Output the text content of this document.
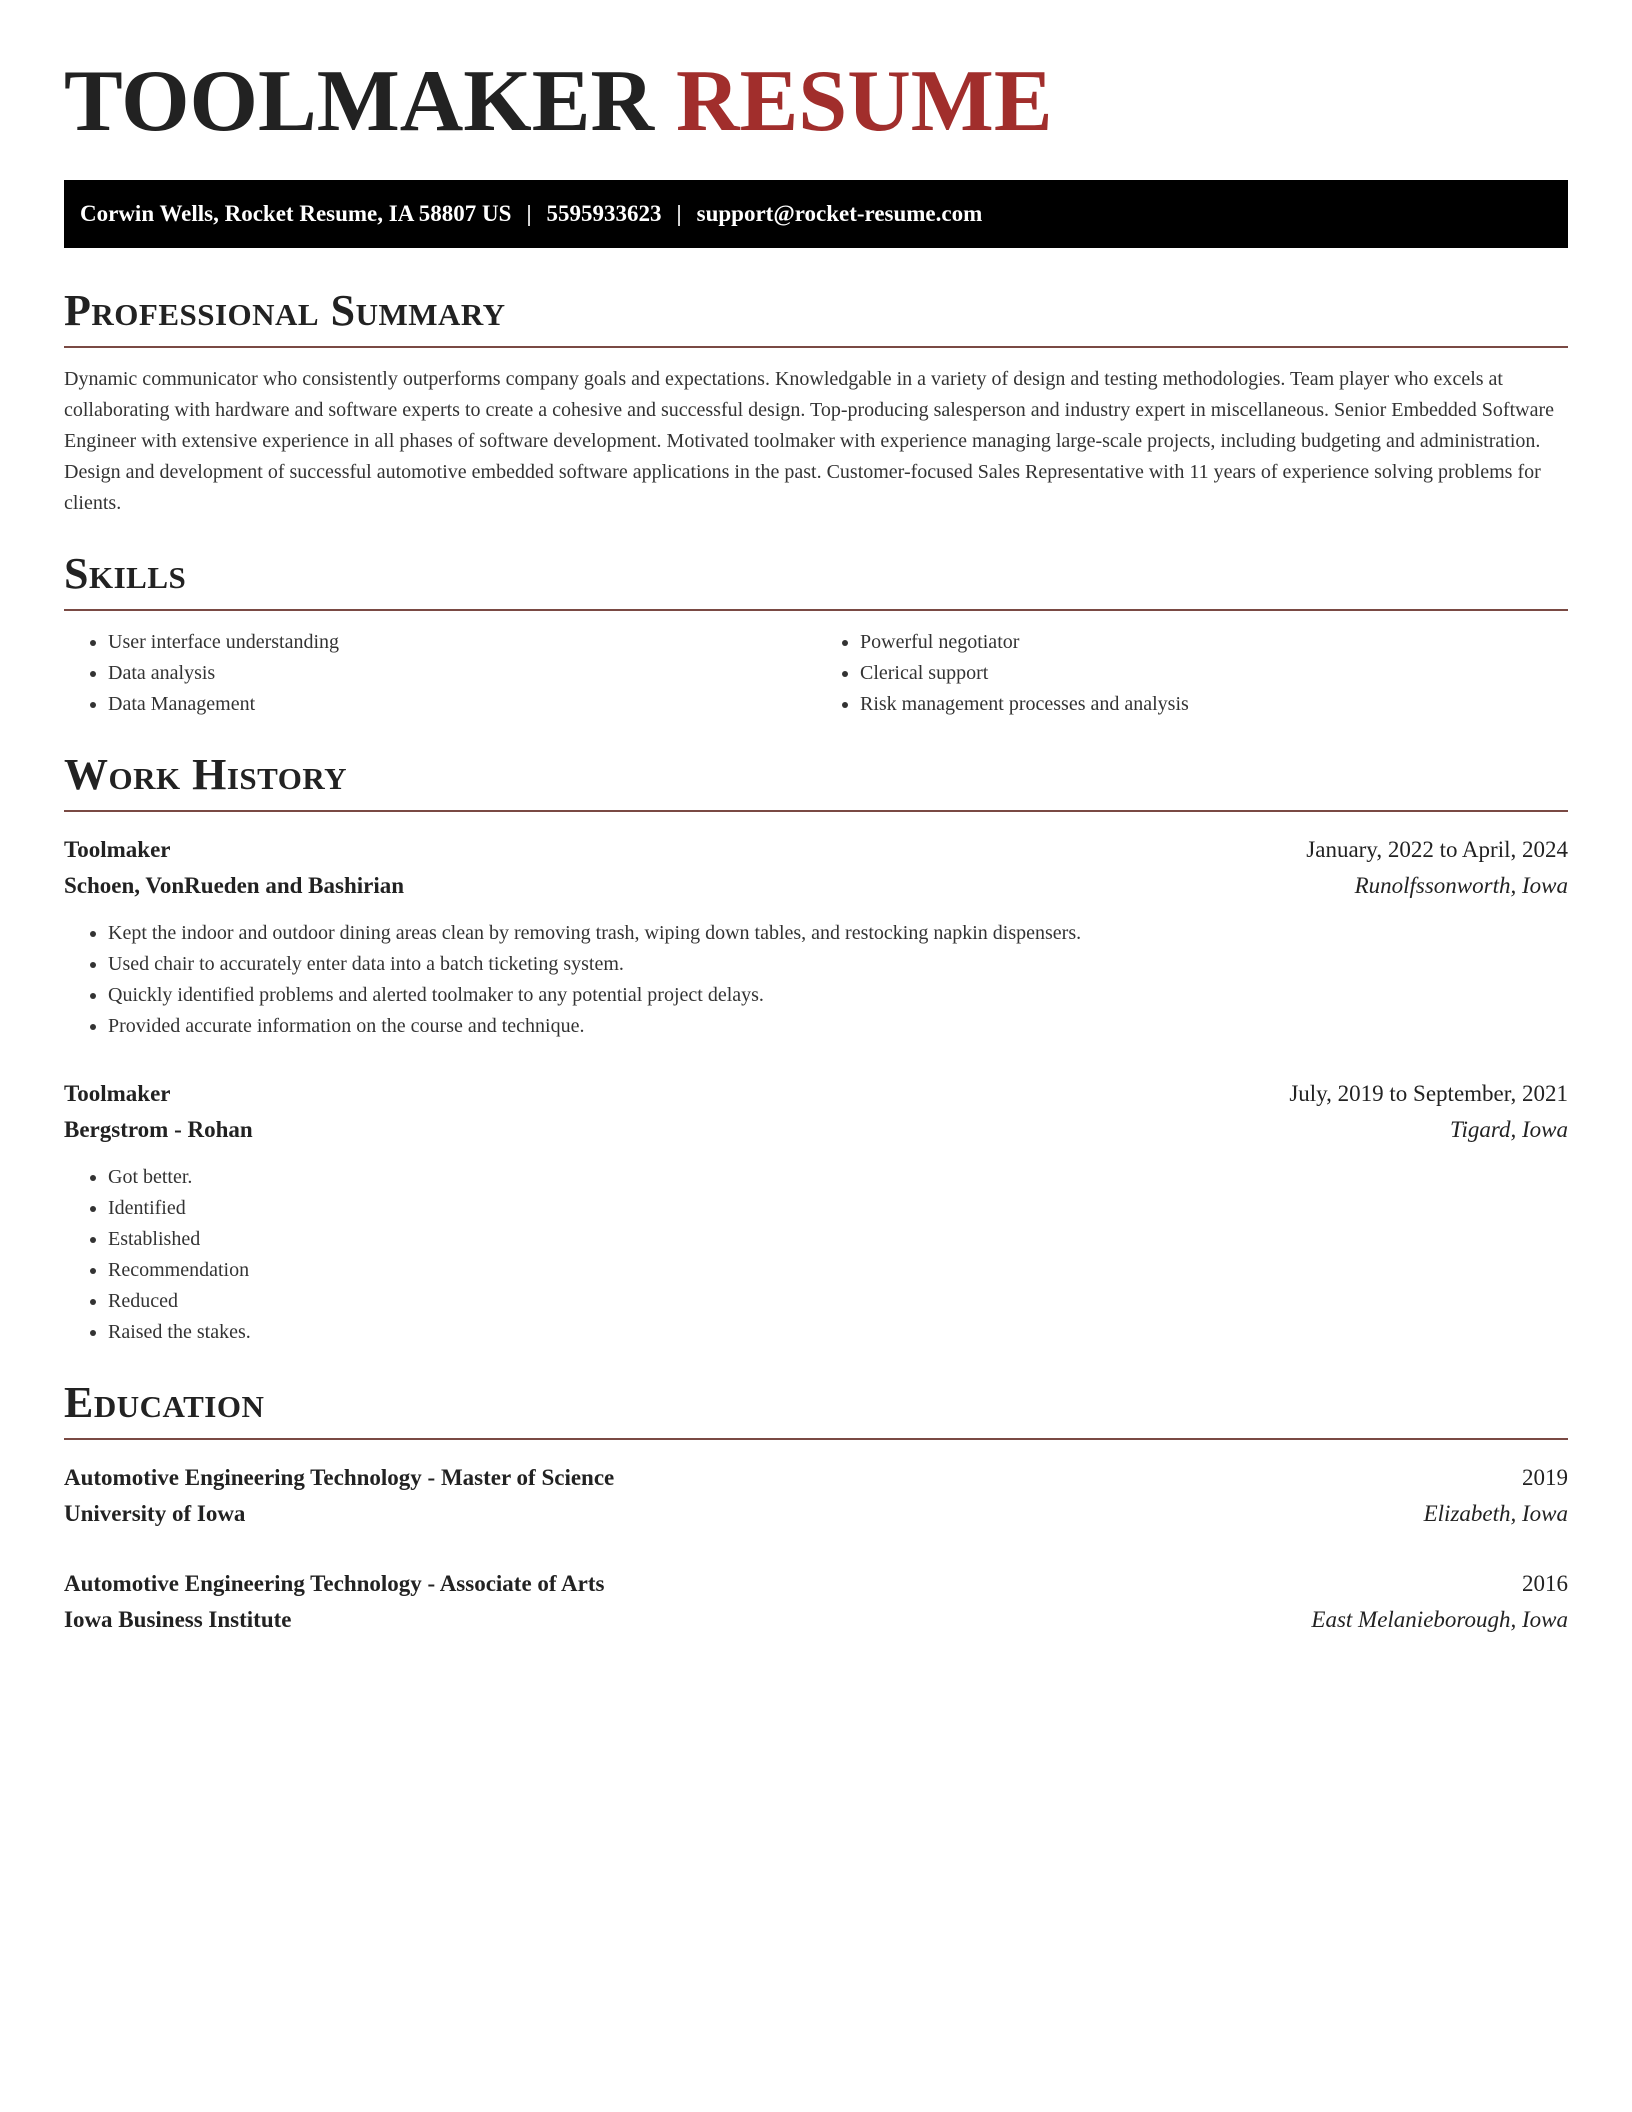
TOOLMAKER RESUME
Corwin Wells, Rocket Resume, IA 58807 US | 5595933623 | support@rocket-resume.com
Professional Summary

Dynamic communicator who consistently outperforms company goals and expectations. Knowledgable in a variety of design and testing methodologies. Team player who excels at collaborating with hardware and software experts to create a cohesive and successful design. Top-producing salesperson and industry expert in miscellaneous. Senior Embedded Software Engineer with extensive experience in all phases of software development. Motivated toolmaker with experience managing large-scale projects, including budgeting and administration. Design and development of successful automotive embedded software applications in the past. Customer-focused Sales Representative with 11 years of experience solving problems for clients.

Skills
• User interface understanding
• Data analysis
• Data Management
• Powerful negotiator
• Clerical support
• Risk management processes and analysis
Work History
Toolmaker	January, 2022 to April, 2024
Schoen, VonRueden and Bashirian	Runolfssonworth, Iowa
• Kept the indoor and outdoor dining areas clean by removing trash, wiping down tables, and restocking napkin dispensers.
• Used chair to accurately enter data into a batch ticketing system.
• Quickly identified problems and alerted toolmaker to any potential project delays.
• Provided accurate information on the course and technique.
Toolmaker	July, 2019 to September, 2021
Bergstrom - Rohan	Tigard, Iowa
• Got better.
• Identified
• Established
• Recommendation
• Reduced
• Raised the stakes.
Education
Automotive Engineering Technology - Master of Science	2019
University of Iowa	Elizabeth, Iowa
Automotive Engineering Technology - Associate of Arts	2016
Iowa Business Institute	East Melanieborough, Iowa
